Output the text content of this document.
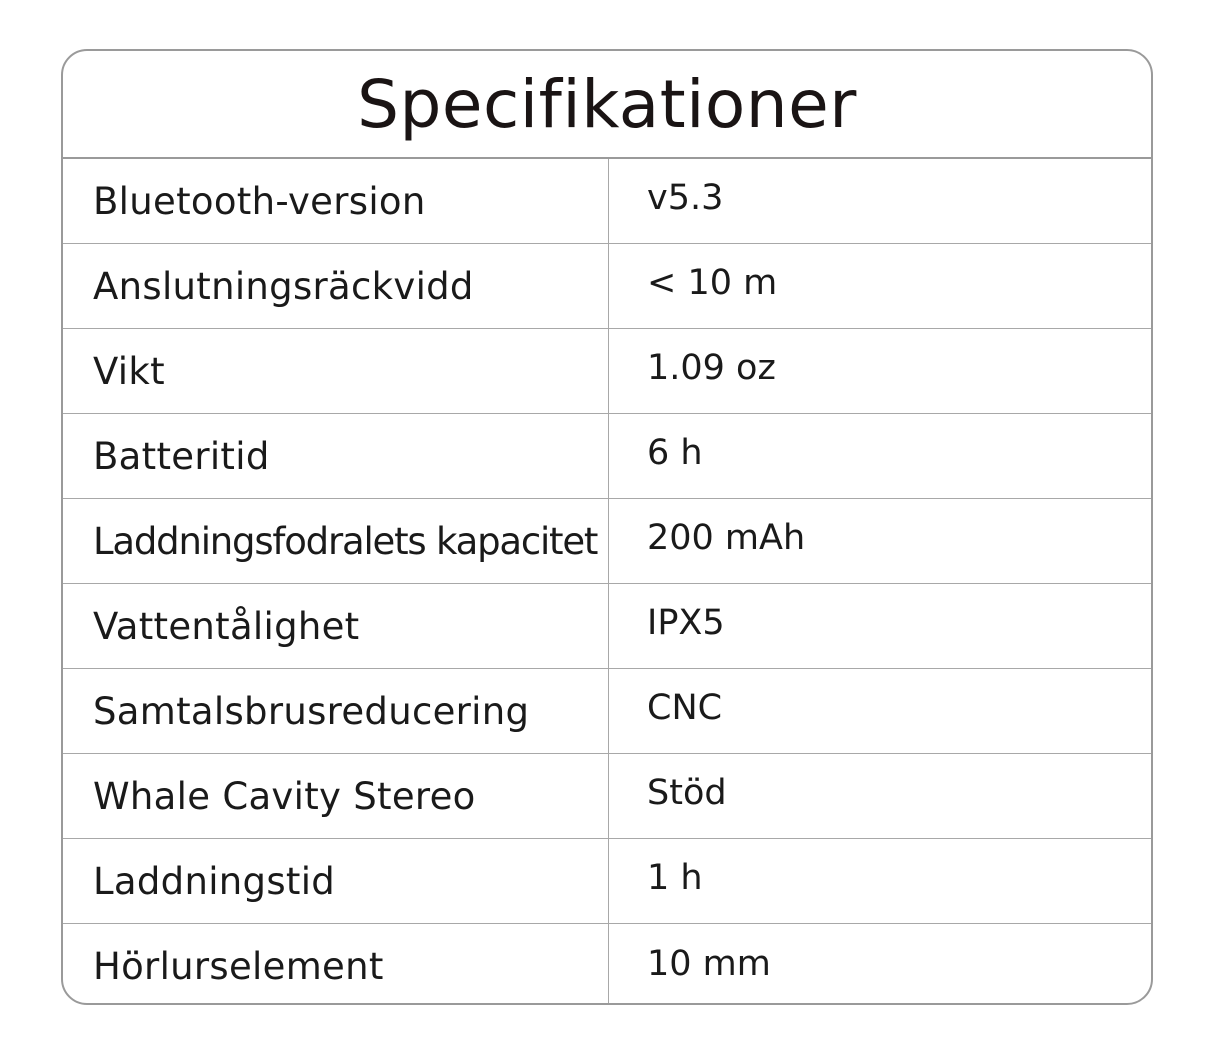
Specifikationer
Bluetooth-version	v5.3
Anslutningsräckvidd	< 10 m
Vikt	1.09 oz
Batteritid	6 h
Laddningsfodralets kapacitet	200 mAh
Vattentålighet	IPX5
Samtalsbrusreducering	CNC
Whale Cavity Stereo	Stöd
Laddningstid	1 h
Hörlurselement	10 mm
